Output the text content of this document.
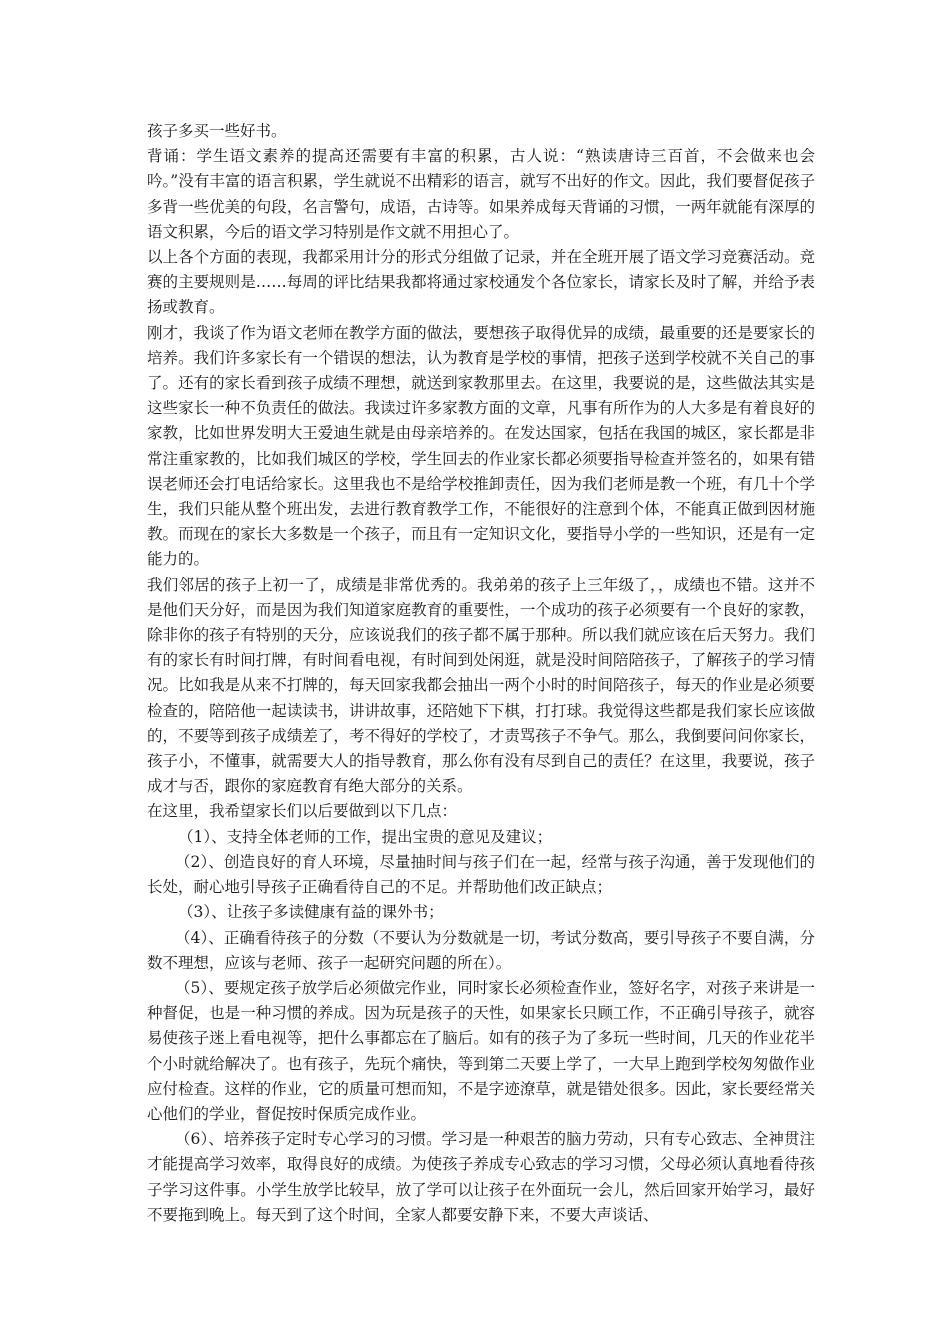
孩子多买一些好书。

背诵：学生语文素养的提高还需要有丰富的积累，古人说：“熟读唐诗三百首，不会做来也会吟。”没有丰富的语言积累，学生就说不出精彩的语言，就写不出好的作文。因此，我们要督促孩子多背一些优美的句段，名言警句，成语，古诗等。如果养成每天背诵的习惯，一两年就能有深厚的语文积累，今后的语文学习特别是作文就不用担心了。

以上各个方面的表现，我都采用计分的形式分组做了记录，并在全班开展了语文学习竞赛活动。竞赛的主要规则是……每周的评比结果我都将通过家校通发个各位家长，请家长及时了解，并给予表扬或教育。

刚才，我谈了作为语文老师在教学方面的做法，要想孩子取得优异的成绩，最重要的还是要家长的培养。我们许多家长有一个错误的想法，认为教育是学校的事情，把孩子送到学校就不关自己的事了。还有的家长看到孩子成绩不理想，就送到家教那里去。在这里，我要说的是，这些做法其实是这些家长一种不负责任的做法。我读过许多家教方面的文章，凡事有所作为的人大多是有着良好的家教，比如世界发明大王爱迪生就是由母亲培养的。在发达国家，包括在我国的城区，家长都是非常注重家教的，比如我们城区的学校，学生回去的作业家长都必须要指导检查并签名的，如果有错误老师还会打电话给家长。这里我也不是给学校推卸责任，因为我们老师是教一个班，有几十个学生，我们只能从整个班出发，去进行教育教学工作，不能很好的注意到个体，不能真正做到因材施教。而现在的家长大多数是一个孩子，而且有一定知识文化，要指导小学的一些知识，还是有一定能力的。

我们邻居的孩子上初一了，成绩是非常优秀的。我弟弟的孩子上三年级了，，成绩也不错。这并不是他们天分好，而是因为我们知道家庭教育的重要性，一个成功的孩子必须要有一个良好的家教，除非你的孩子有特别的天分，应该说我们的孩子都不属于那种。所以我们就应该在后天努力。我们有的家长有时间打牌，有时间看电视，有时间到处闲逛，就是没时间陪陪孩子，了解孩子的学习情况。比如我是从来不打牌的，每天回家我都会抽出一两个小时的时间陪孩子，每天的作业是必须要检查的，陪陪他一起读读书，讲讲故事，还陪她下下棋，打打球。我觉得这些都是我们家长应该做的，不要等到孩子成绩差了，考不得好的学校了，才责骂孩子不争气。那么，我倒要问问你家长，孩子小，不懂事，就需要大人的指导教育，那么你有没有尽到自己的责任？在这里，我要说，孩子成才与否，跟你的家庭教育有绝大部分的关系。

在这里，我希望家长们以后要做到以下几点：

（1）、支持全体老师的工作，提出宝贵的意见及建议；

（2）、创造良好的育人环境，尽量抽时间与孩子们在一起，经常与孩子沟通，善于发现他们的长处，耐心地引导孩子正确看待自己的不足。并帮助他们改正缺点；

（3）、让孩子多读健康有益的课外书；

（4）、正确看待孩子的分数（不要认为分数就是一切，考试分数高，要引导孩子不要自满，分数不理想，应该与老师、孩子一起研究问题的所在）。

（5）、要规定孩子放学后必须做完作业，同时家长必须检查作业，签好名字，对孩子来讲是一种督促，也是一种习惯的养成。因为玩是孩子的天性，如果家长只顾工作，不正确引导孩子，就容易使孩子迷上看电视等，把什么事都忘在了脑后。如有的孩子为了多玩一些时间，几天的作业花半个小时就给解决了。也有孩子，先玩个痛快，等到第二天要上学了，一大早上跑到学校匆匆做作业应付检查。这样的作业，它的质量可想而知，不是字迹潦草，就是错处很多。因此，家长要经常关心他们的学业，督促按时保质完成作业。

（6）、培养孩子定时专心学习的习惯。学习是一种艰苦的脑力劳动，只有专心致志、全神贯注才能提高学习效率，取得良好的成绩。为使孩子养成专心致志的学习习惯，父母必须认真地看待孩子学习这件事。小学生放学比较早，放了学可以让孩子在外面玩一会儿，然后回家开始学习，最好不要拖到晚上。每天到了这个时间，全家人都要安静下来，不要大声谈话、
